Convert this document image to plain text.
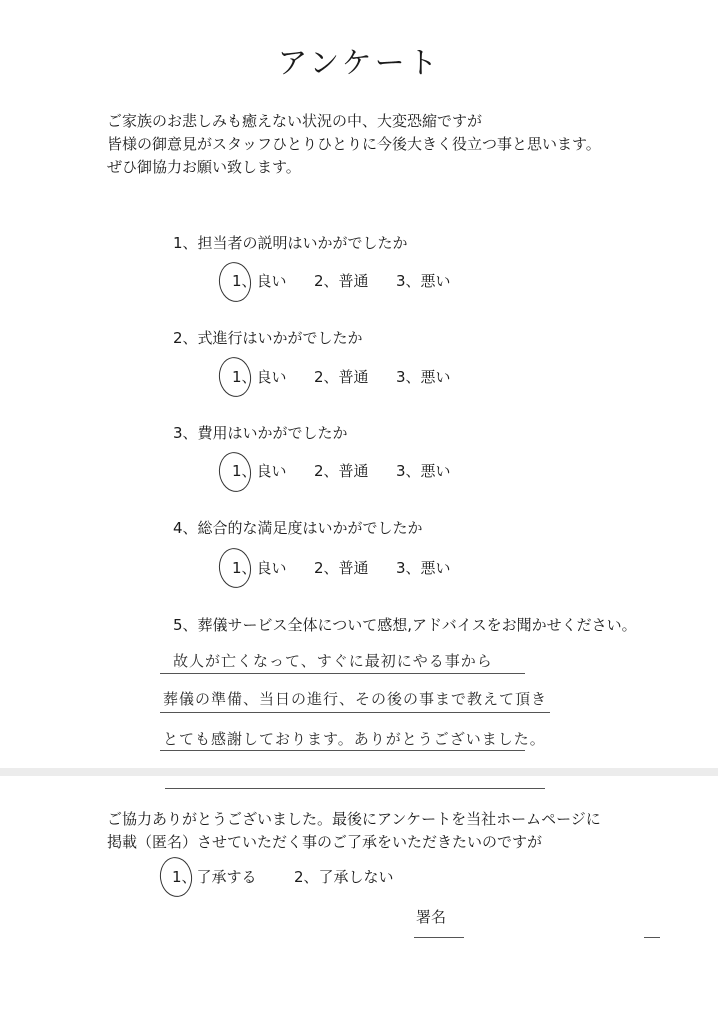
アンケート
ご家族のお悲しみも癒えない状況の中、大変恐縮ですが
皆様の御意見がスタッフひとりひとりに今後大きく役立つ事と思います。
ぜひ御協力お願い致します。
1、担当者の説明はいかがでしたか
1、良い 2、普通 3、悪い
2、式進行はいかがでしたか
1、良い 2、普通 3、悪い
3、費用はいかがでしたか
1、良い 2、普通 3、悪い
4、総合的な満足度はいかがでしたか
1、良い 2、普通 3、悪い
5、葬儀サービス全体について感想,アドバイスをお聞かせください。
故人が亡くなって、すぐに最初にやる事から
葬儀の準備、当日の進行、その後の事まで教えて頂き
とても感謝しております。ありがとうございました。
ご協力ありがとうございました。最後にアンケートを当社ホームページに
掲載（匿名）させていただく事のご了承をいただきたいのですが
1、了承する 2、了承しない
署名
